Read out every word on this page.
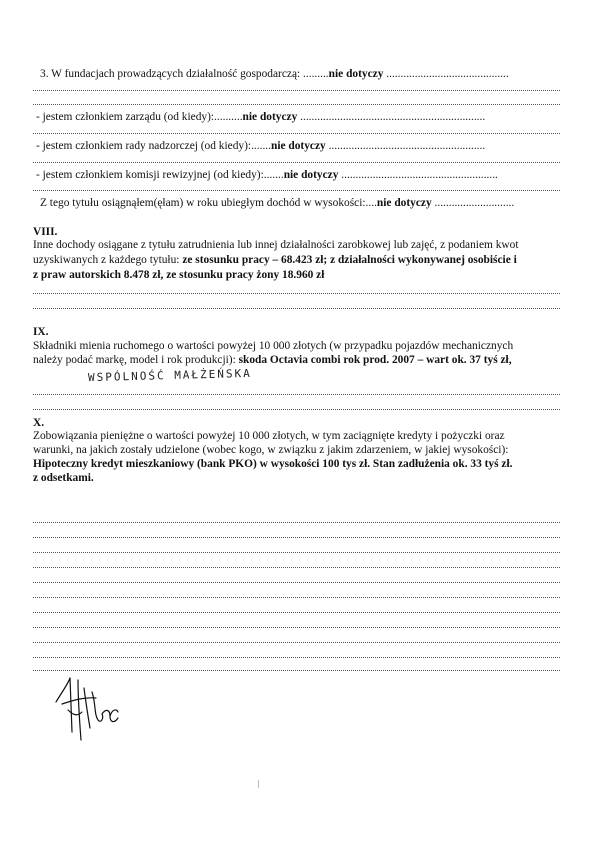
3. W fundacjach prowadzących działalność gospodarczą: .........nie dotyczy ...........................................
- jestem członkiem zarządu (od kiedy):..........nie dotyczy .................................................................
- jestem członkiem rady nadzorczej (od kiedy):.......nie dotyczy .......................................................
- jestem członkiem komisji rewizyjnej (od kiedy):.......nie dotyczy .......................................................
Z tego tytułu osiągnąłem(ęłam) w roku ubiegłym dochód w wysokości:....nie dotyczy ............................
VIII.
Inne dochody osiągane z tytułu zatrudnienia lub innej działalności zarobkowej lub zajęć, z podaniem kwot
uzyskiwanych z każdego tytułu: ze stosunku pracy – 68.423 zł; z działalności wykonywanej osobiście i
z praw autorskich 8.478 zł, ze stosunku pracy żony 18.960 zł
IX.
Składniki mienia ruchomego o wartości powyżej 10 000 złotych (w przypadku pojazdów mechanicznych
należy podać markę, model i rok produkcji): skoda Octavia combi rok prod. 2007 – wart ok. 37 tyś zł,
WSPÓLNOŚĆ MAŁŻEŃSKA
X.
Zobowiązania pieniężne o wartości powyżej 10 000 złotych, w tym zaciągnięte kredyty i pożyczki oraz
warunki, na jakich zostały udzielone (wobec kogo, w związku z jakim zdarzeniem, w jakiej wysokości):
Hipoteczny kredyt mieszkaniowy (bank PKO) w wysokości 100 tys zł. Stan zadłużenia ok. 33 tyś zł.
z odsetkami.
